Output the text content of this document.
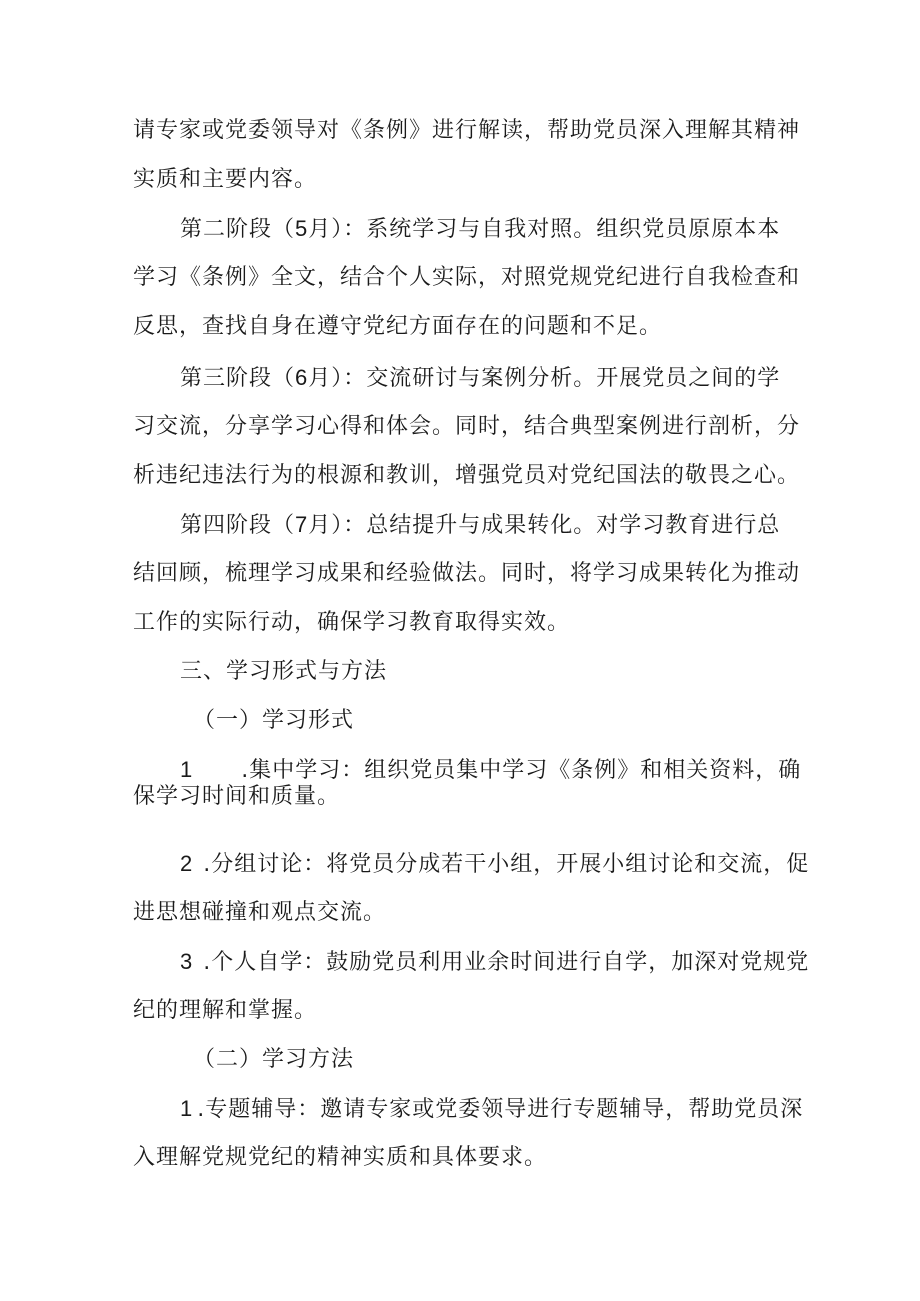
请专家或党委领导对《条例》进行解读，帮助党员深入理解其精神
实质和主要内容。
第二阶段（5月）：系统学习与自我对照。组织党员原原本本
学习《条例》全文，结合个人实际，对照党规党纪进行自我检查和
反思，查找自身在遵守党纪方面存在的问题和不足。
第三阶段（6月）：交流研讨与案例分析。开展党员之间的学
习交流，分享学习心得和体会。同时，结合典型案例进行剖析，分
析违纪违法行为的根源和教训，增强党员对党纪国法的敬畏之心。
第四阶段（7月）：总结提升与成果转化。对学习教育进行总
结回顾，梳理学习成果和经验做法。同时，将学习成果转化为推动
工作的实际行动，确保学习教育取得实效。
三、学习形式与方法
（一）学习形式
1 .集中学习：组织党员集中学习《条例》和相关资料，确
保学习时间和质量。
2 .分组讨论：将党员分成若干小组，开展小组讨论和交流，促
进思想碰撞和观点交流。
3 .个人自学：鼓励党员利用业余时间进行自学，加深对党规党
纪的理解和掌握。
（二）学习方法
1 .专题辅导：邀请专家或党委领导进行专题辅导，帮助党员深
入理解党规党纪的精神实质和具体要求。
